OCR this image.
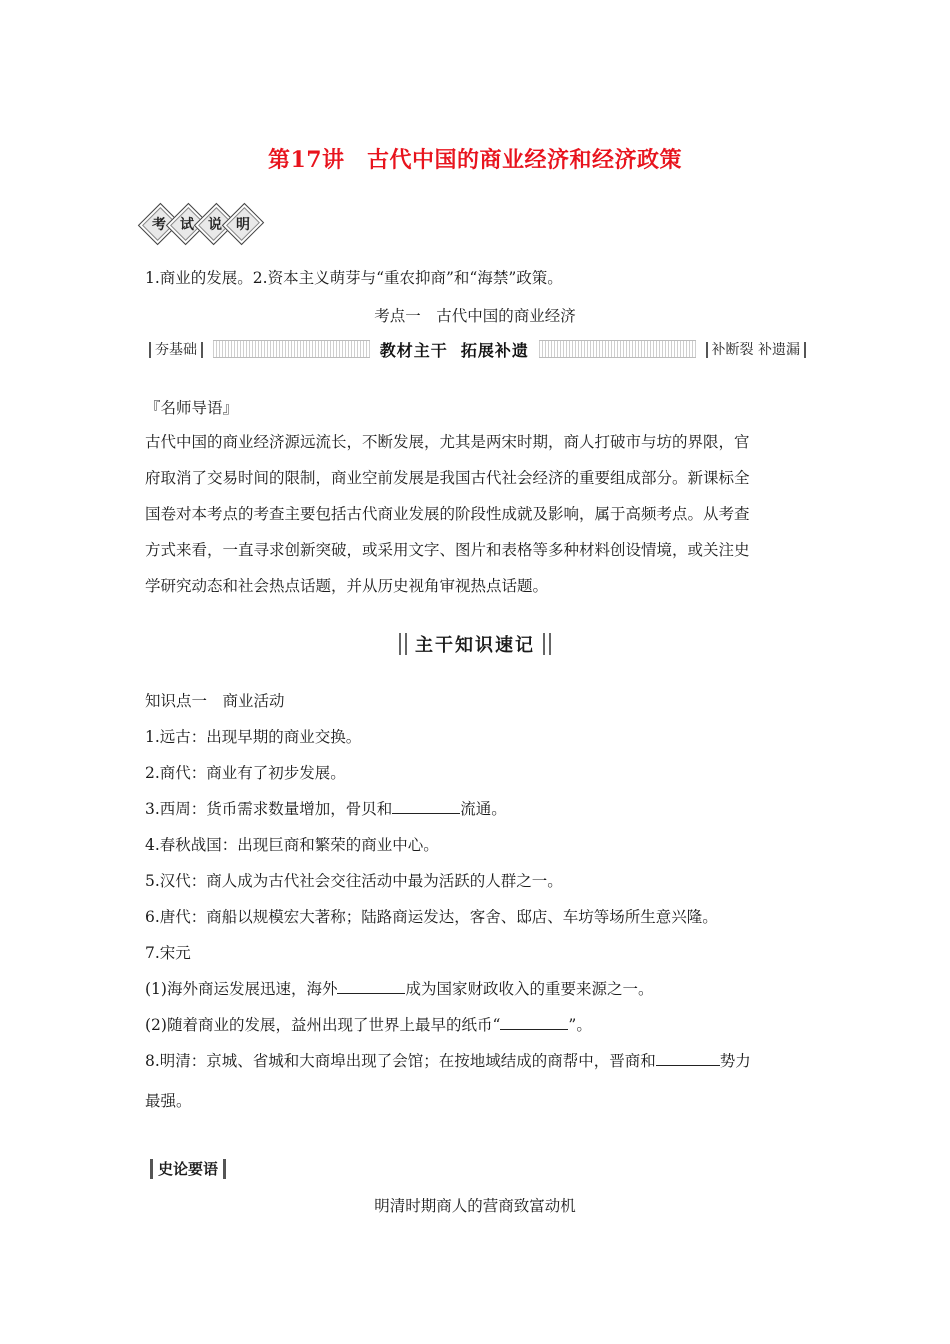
第17讲　古代中国的商业经济和经济政策
考 试 说 明
1.商业的发展。2.资本主义萌芽与“重农抑商”和“海禁”政策。
考点一　古代中国的商业经济
夯基础	教材主干 拓展补遗	补断裂 补遗漏
『名师导语』
古代中国的商业经济源远流长，不断发展，尤其是两宋时期，商人打破市与坊的界限，官
府取消了交易时间的限制，商业空前发展是我国古代社会经济的重要组成部分。新课标全
国卷对本考点的考查主要包括古代商业发展的阶段性成就及影响，属于高频考点。从考查
方式来看，一直寻求创新突破，或采用文字、图片和表格等多种材料创设情境，或关注史
学研究动态和社会热点话题，并从历史视角审视热点话题。
主干知识速记
知识点一　商业活动
1.远古：出现早期的商业交换。
2.商代：商业有了初步发展。
3.西周：货币需求数量增加，骨贝和	流通。
4.春秋战国：出现巨商和繁荣的商业中心。
5.汉代：商人成为古代社会交往活动中最为活跃的人群之一。
6.唐代：商船以规模宏大著称；陆路商运发达，客舍、邸店、车坊等场所生意兴隆。
7.宋元
(1)海外商运发展迅速，海外	成为国家财政收入的重要来源之一。
(2)随着商业的发展，益州出现了世界上最早的纸币“	”。
8.明清：京城、省城和大商埠出现了会馆；在按地域结成的商帮中，晋商和	势力
最强。
史论要语
明清时期商人的营商致富动机
